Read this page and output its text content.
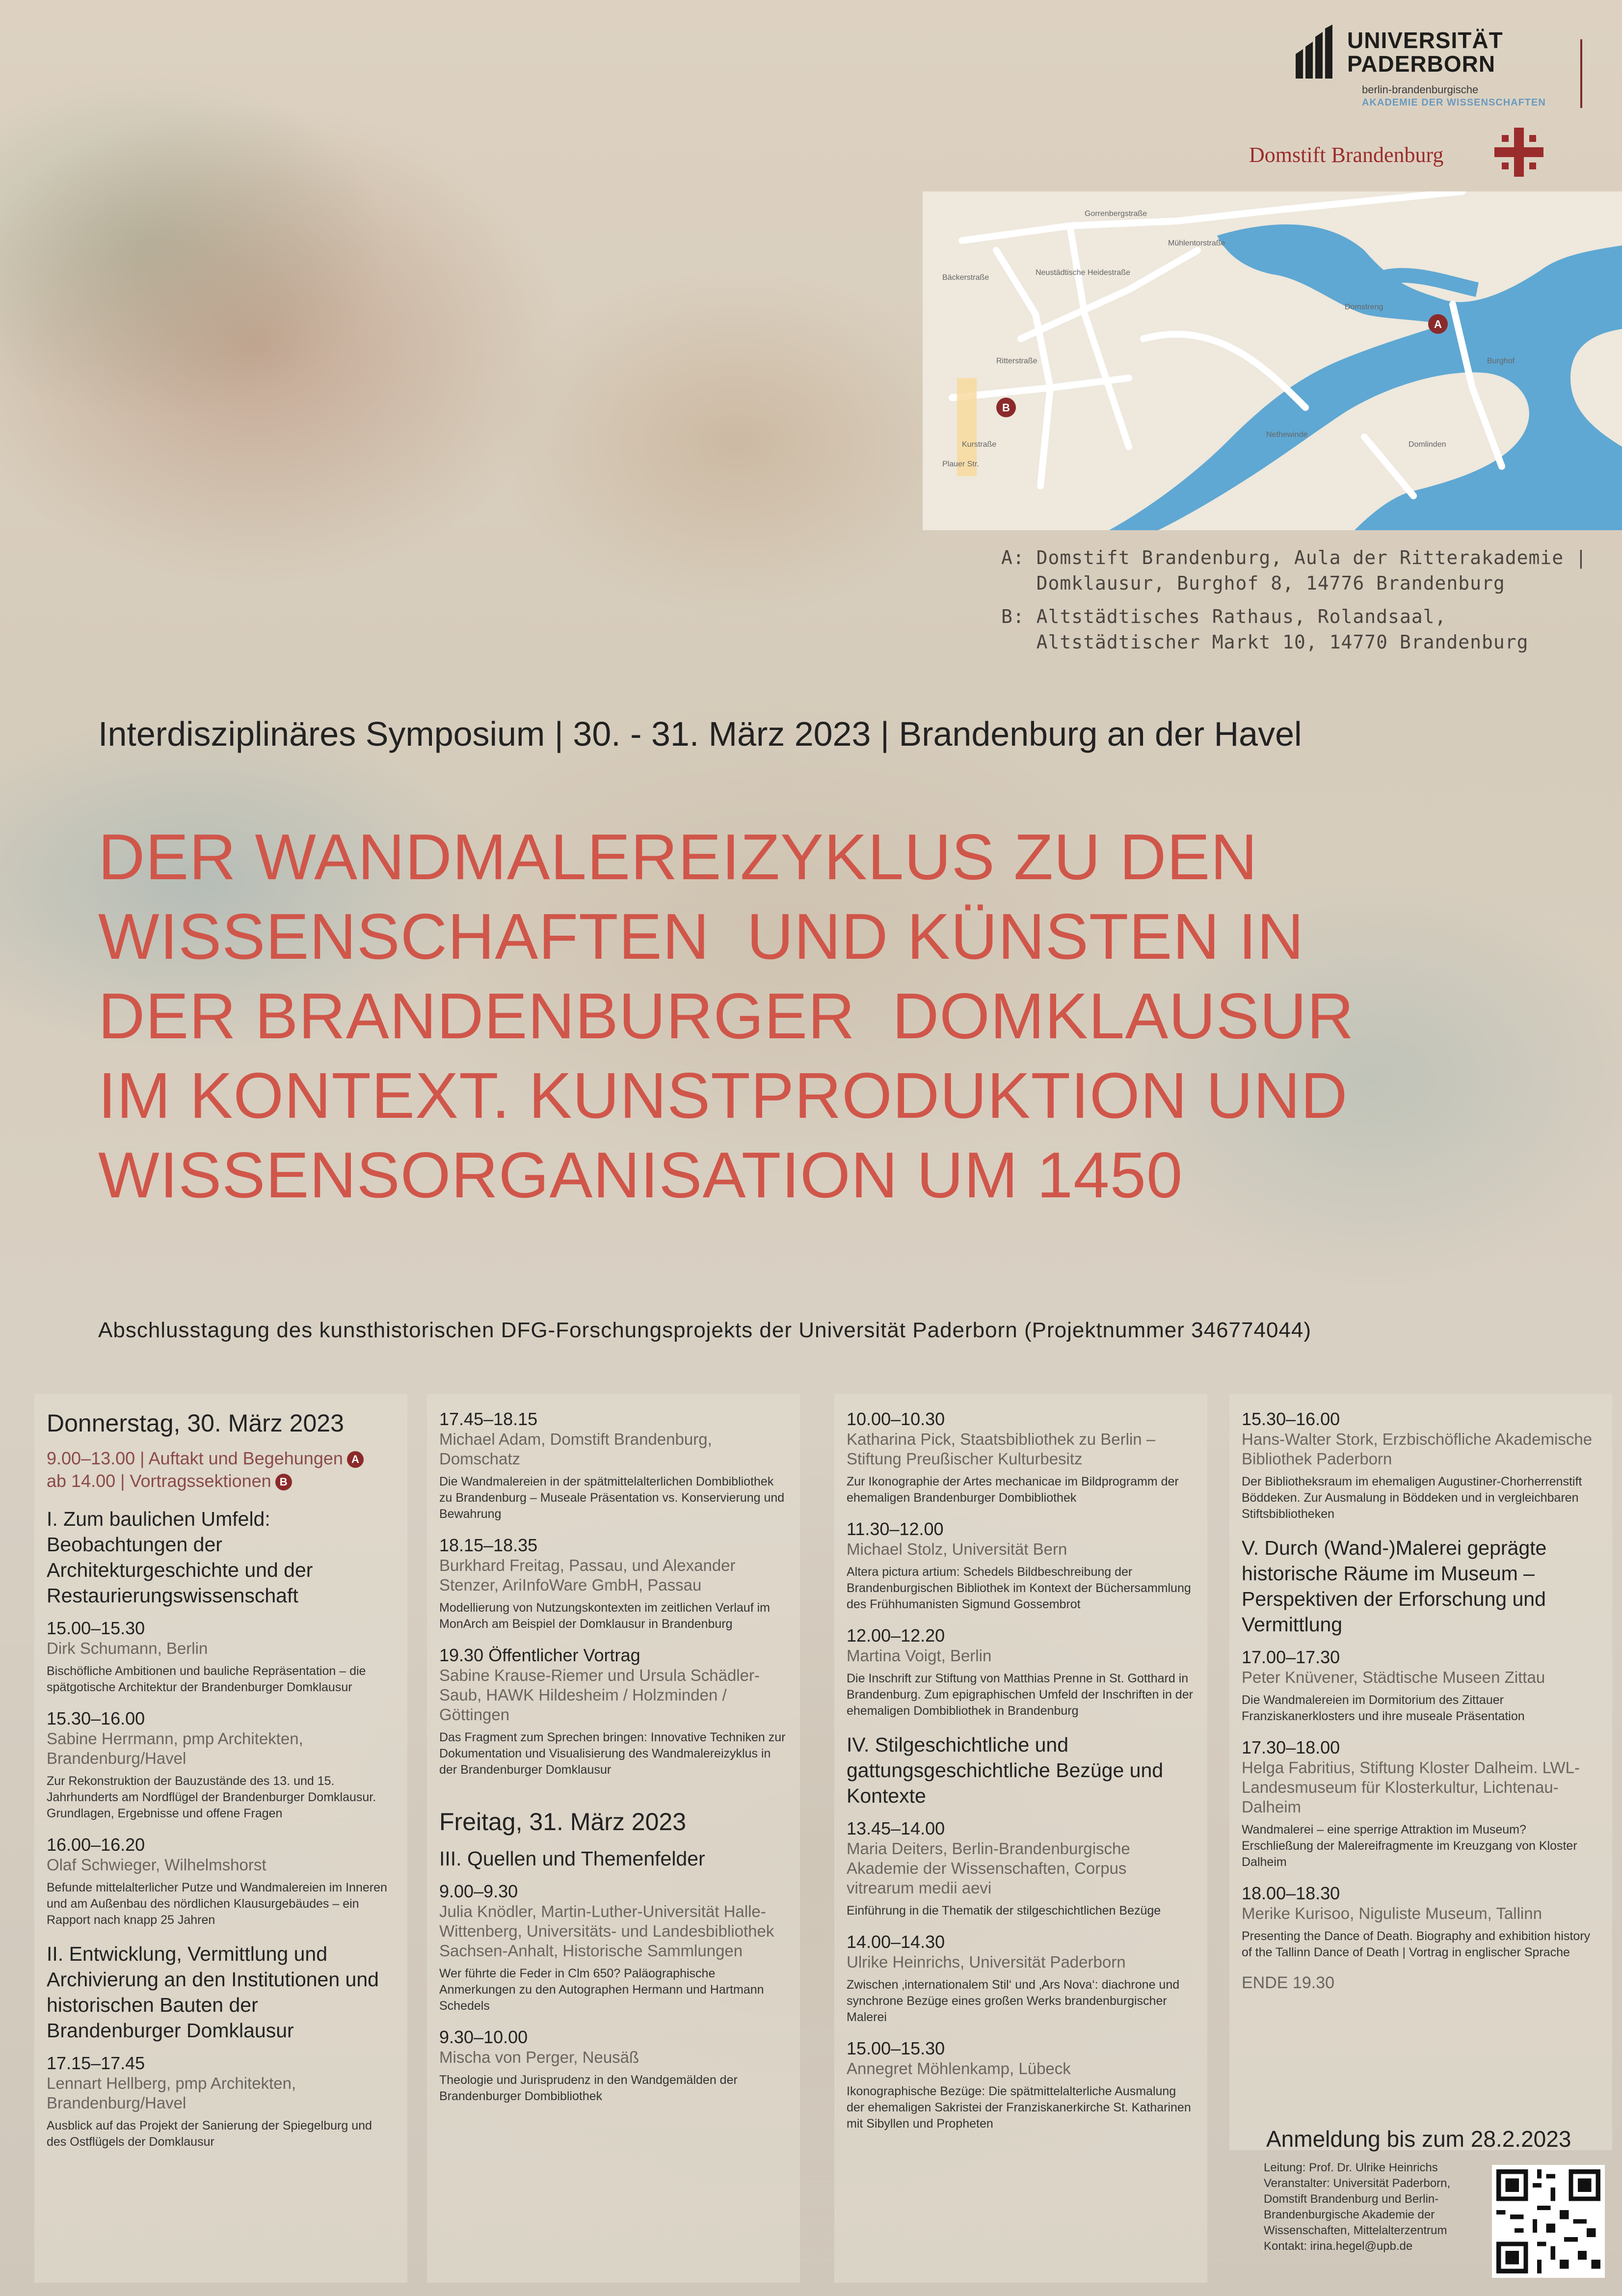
UNIVERSITÄT
PADERBORN
berlin-brandenburgische
AKADEMIE DER WISSENSCHAFTEN
Domstift Brandenburg
Gorrenbergstraße
Mühlentorstraße
Domstreng
Burghof
Neustädtische Heidestraße
Ritterstraße
Kurstraße	Domlinden
Plauer Str.
Bäckerstraße
Nethewinde
A
B
A: Domstift Brandenburg, Aula der Ritterakademie |
Domklausur, Burghof 8, 14776 Brandenburg
B: Altstädtisches Rathaus, Rolandsaal,
Altstädtischer Markt 10, 14770 Brandenburg
Interdisziplinäres Symposium | 30. - 31. März 2023 | Brandenburg an der Havel
DER WANDMALEREIZYKLUS ZU DEN
WISSENSCHAFTEN  UND KÜNSTEN IN
DER BRANDENBURGER  DOMKLAUSUR
IM KONTEXT. KUNSTPRODUKTION UND
WISSENSORGANISATION UM 1450
Abschlusstagung des kunsthistorischen DFG-Forschungsprojekts der Universität Paderborn (Projektnummer 346774044)
Donnerstag, 30. März 2023
9.00–13.00 | Auftakt und Begehungen A
ab 14.00 | Vortragssektionen B
I. Zum baulichen Umfeld: Beobachtungen der Architekturgeschichte und der Restaurierungswissenschaft
15.00–15.30
Dirk Schumann, Berlin
Bischöfliche Ambitionen und bauliche Repräsentation – die spätgotische Architektur der Brandenburger Domklausur
15.30–16.00
Sabine Herrmann, pmp Architekten, Brandenburg/Havel
Zur Rekonstruktion der Bauzustände des 13. und 15. Jahrhunderts am Nordflügel der Brandenburger Domklausur. Grundlagen, Ergebnisse und offene Fragen
16.00–16.20
Olaf Schwieger, Wilhelmshorst
Befunde mittelalterlicher Putze und Wandmalereien im Inneren und am Außenbau des nördlichen Klausurgebäudes – ein Rapport nach knapp 25 Jahren
II. Entwicklung, Vermittlung und Archivierung an den Institutionen und historischen Bauten der Brandenburger Domklausur
17.15–17.45
Lennart Hellberg, pmp Architekten, Brandenburg/Havel
Ausblick auf das Projekt der Sanierung der Spiegelburg und des Ostflügels der Domklausur
17.45–18.15
Michael Adam, Domstift Brandenburg, Domschatz
Die Wandmalereien in der spätmittelalterlichen Dombibliothek zu Brandenburg – Museale Präsentation vs. Konservierung und Bewahrung
18.15–18.35
Burkhard Freitag, Passau, und Alexander Stenzer, AriInfoWare GmbH, Passau
Modellierung von Nutzungskontexten im zeitlichen Verlauf im MonArch am Beispiel der Domklausur in Brandenburg
19.30 Öffentlicher Vortrag
Sabine Krause-Riemer und Ursula Schädler-Saub, HAWK Hildesheim / Holzminden / Göttingen
Das Fragment zum Sprechen bringen: Innovative Techniken zur Dokumentation und Visualisierung des Wandmalereizyklus in der Brandenburger Domklausur
Freitag, 31. März 2023
III. Quellen und Themenfelder
9.00–9.30
Julia Knödler, Martin-Luther-Universität Halle-Wittenberg, Universitäts- und Landesbibliothek Sachsen-Anhalt, Historische Sammlungen
Wer führte die Feder in Clm 650? Paläographische Anmerkungen zu den Autographen Hermann und Hartmann Schedels
9.30–10.00
Mischa von Perger, Neusäß
Theologie und Jurisprudenz in den Wandgemälden der Brandenburger Dombibliothek
10.00–10.30
Katharina Pick, Staatsbibliothek zu Berlin – Stiftung Preußischer Kulturbesitz
Zur Ikonographie der Artes mechanicae im Bildprogramm der ehemaligen Brandenburger Dombibliothek
11.30–12.00
Michael Stolz, Universität Bern
Altera pictura artium: Schedels Bildbeschreibung der Brandenburgischen Bibliothek im Kontext der Büchersammlung des Frühhumanisten Sigmund Gossembrot
12.00–12.20
Martina Voigt, Berlin
Die Inschrift zur Stiftung von Matthias Prenne in St. Gotthard in Brandenburg. Zum epigraphischen Umfeld der Inschriften in der ehemaligen Dombibliothek in Brandenburg
IV. Stilgeschichtliche und gattungsgeschichtliche Bezüge und Kontexte
13.45–14.00
Maria Deiters, Berlin-Brandenburgische Akademie der Wissenschaften, Corpus vitrearum medii aevi
Einführung in die Thematik der stilgeschichtlichen Bezüge
14.00–14.30
Ulrike Heinrichs, Universität Paderborn
Zwischen ‚internationalem Stil‘ und ‚Ars Nova‘: diachrone und synchrone Bezüge eines großen Werks brandenburgischer Malerei
15.00–15.30
Annegret Möhlenkamp, Lübeck
Ikonographische Bezüge: Die spätmittelalterliche Ausmalung der ehemaligen Sakristei der Franziskanerkirche St. Katharinen mit Sibyllen und Propheten
15.30–16.00
Hans-Walter Stork, Erzbischöfliche Akademische Bibliothek Paderborn
Der Bibliotheksraum im ehemaligen Augustiner-Chorherrenstift Böddeken. Zur Ausmalung in Böddeken und in vergleichbaren Stiftsbibliotheken
V. Durch (Wand-)Malerei geprägte historische Räume im Museum – Perspektiven der Erforschung und Vermittlung
17.00–17.30
Peter Knüvener, Städtische Museen Zittau
Die Wandmalereien im Dormitorium des Zittauer Franziskanerklosters und ihre museale Präsentation
17.30–18.00
Helga Fabritius, Stiftung Kloster Dalheim. LWL-Landesmuseum für Klosterkultur, Lichtenau-Dalheim
Wandmalerei – eine sperrige Attraktion im Museum? Erschließung der Malereifragmente im Kreuzgang von Kloster Dalheim
18.00–18.30
Merike Kurisoo, Niguliste Museum, Tallinn
Presenting the Dance of Death. Biography and exhibition history of the Tallinn Dance of Death | Vortrag in englischer Sprache
ENDE 19.30
Anmeldung bis zum 28.2.2023
Leitung: Prof. Dr. Ulrike Heinrichs
Veranstalter: Universität Paderborn,
Domstift Brandenburg und Berlin-
Brandenburgische Akademie der
Wissenschaften, Mittelalterzentrum
Kontakt: irina.hegel@upb.de
